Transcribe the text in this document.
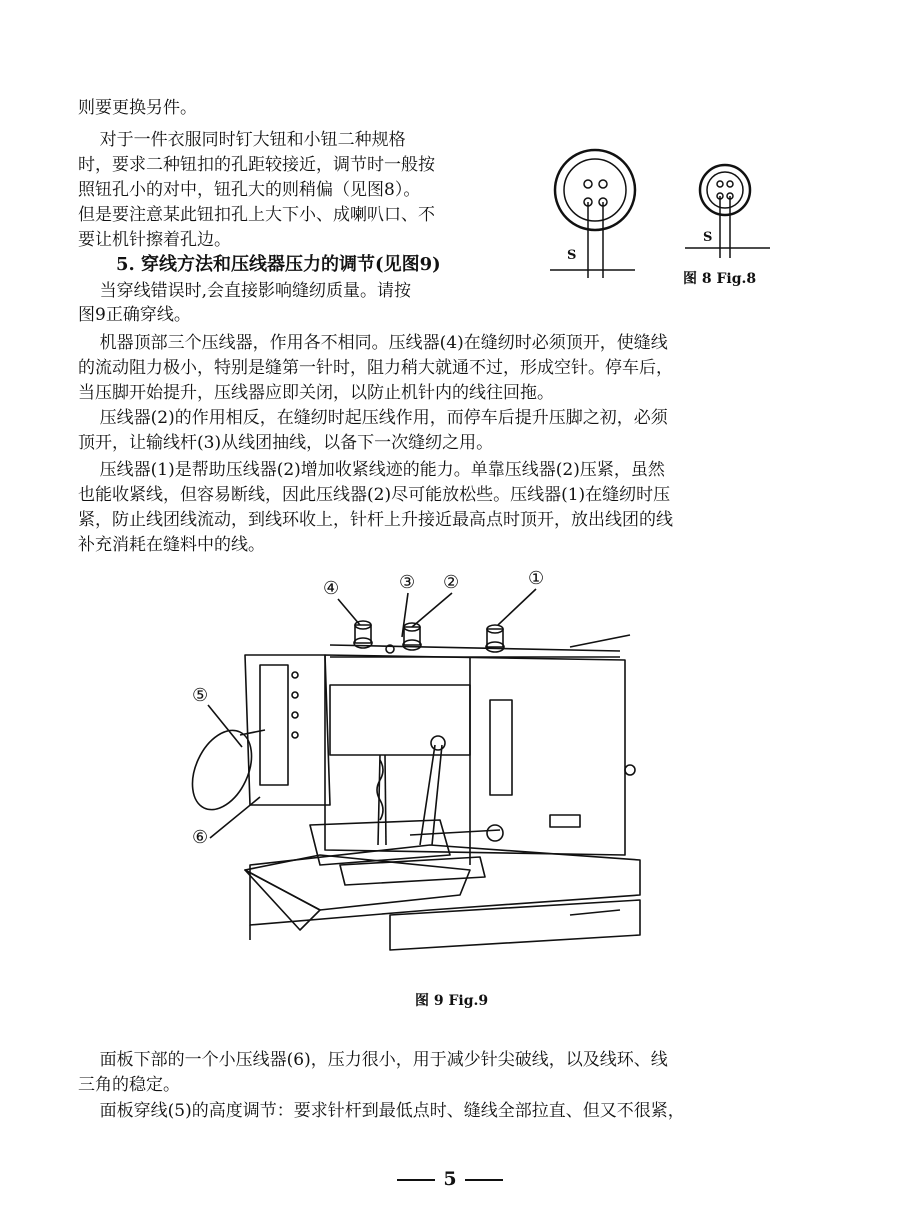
则要更换另件。
对于一件衣服同时钉大钮和小钮二种规格
时，要求二种钮扣的孔距较接近，调节时一般按
照钮孔小的对中，钮孔大的则稍偏（见图8）。
但是要注意某此钮扣孔上大下小、成喇叭口、不
要让机针擦着孔边。
5. 穿线方法和压线器压力的调节(见图9)
当穿线错误时,会直接影响缝纫质量。请按
图9正确穿线。
机器顶部三个压线器，作用各不相同。压线器(4)在缝纫时必须顶开，使缝线
的流动阻力极小，特别是缝第一针时，阻力稍大就通不过，形成空针。停车后，
当压脚开始提升，压线器应即关闭，以防止机针内的线往回拖。
压线器(2)的作用相反，在缝纫时起压线作用，而停车后提升压脚之初，必须
顶开，让输线杆(3)从线团抽线，以备下一次缝纫之用。
压线器(1)是帮助压线器(2)增加收紧线迹的能力。单靠压线器(2)压紧，虽然
也能收紧线，但容易断线，因此压线器(2)尽可能放松些。压线器(1)在缝纫时压
紧，防止线团线流动，到线环收上，针杆上升接近最高点时顶开，放出线团的线
补充消耗在缝料中的线。
S
S
图 8 Fig.8
①
②
③
④
⑤
⑥
图 9 Fig.9
面板下部的一个小压线器(6)，压力很小，用于减少针尖破线，以及线环、线
三角的稳定。
面板穿线(5)的高度调节：要求针杆到最低点时、缝线全部拉直、但又不很紧，
5
